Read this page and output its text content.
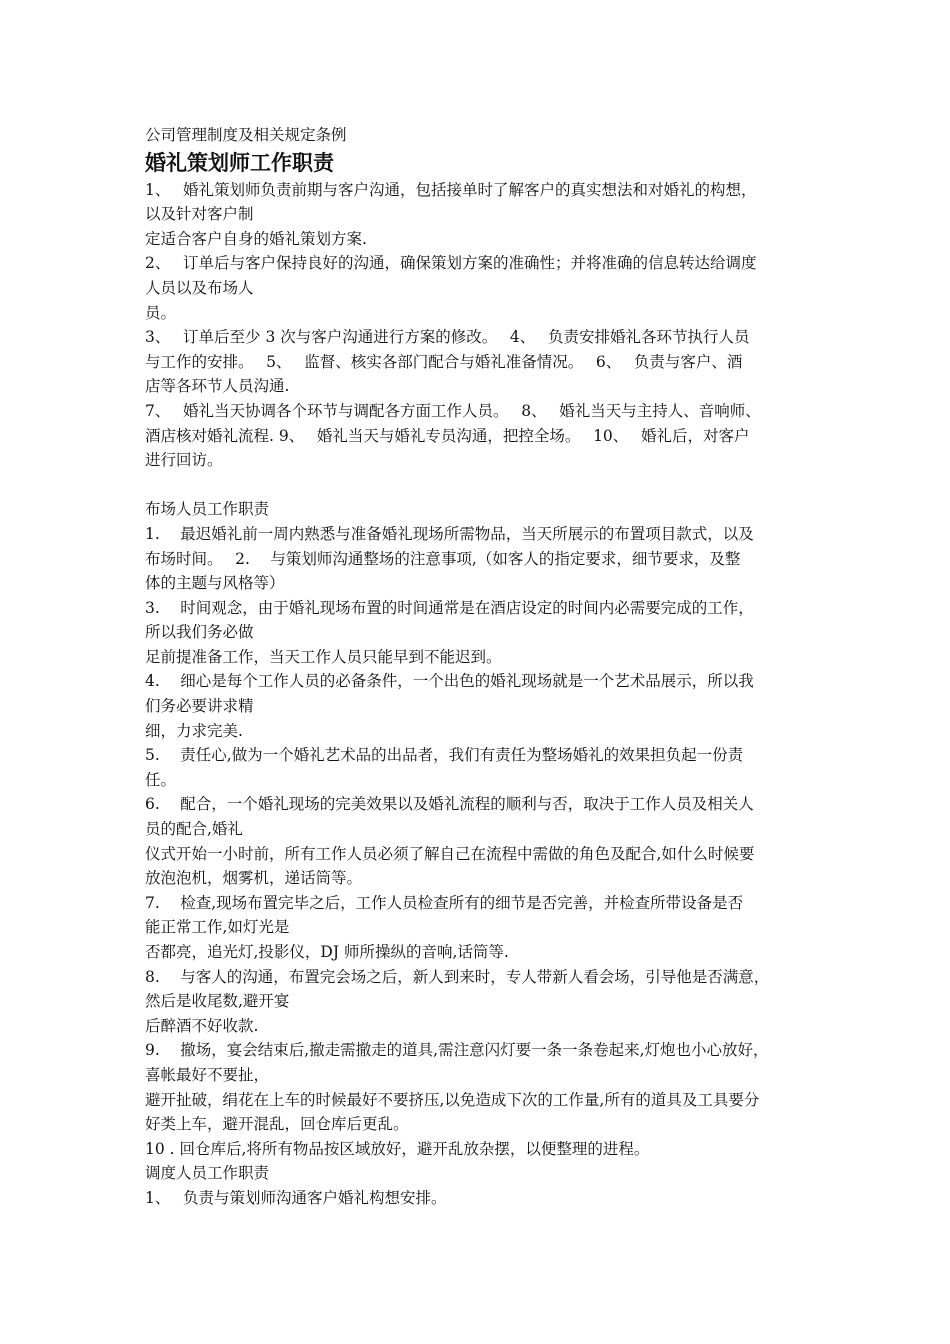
公司管理制度及相关规定条例
婚礼策划师工作职责
1、　 婚礼策划师负责前期与客户沟通，包括接单时了解客户的真实想法和对婚礼的构想，
以及针对客户制
定适合客户自身的婚礼策划方案.
2、　 订单后与客户保持良好的沟通，确保策划方案的准确性；并将准确的信息转达给调度
人员以及布场人
员。
3、　 订单后至少 3 次与客户沟通进行方案的修改。　 4、　 负责安排婚礼各环节执行人员
与工作的安排。　 5、　 监督、核实各部门配合与婚礼准备情况。　 6、　 负责与客户、酒
店等各环节人员沟通.
7、　 婚礼当天协调各个环节与调配各方面工作人员。　 8、　 婚礼当天与主持人、音响师、
酒店核对婚礼流程. 9、　 婚礼当天与婚礼专员沟通，把控全场。　 10、　 婚礼后，对客户
进行回访。
布场人员工作职责
1.　 最迟婚礼前一周内熟悉与准备婚礼现场所需物品，当天所展示的布置项目款式，以及
布场时间。　 2.　 与策划师沟通整场的注意事项,（如客人的指定要求，细节要求，及整
体的主题与风格等）
3.　 时间观念，由于婚礼现场布置的时间通常是在酒店设定的时间内必需要完成的工作，
所以我们务必做
足前提准备工作，当天工作人员只能早到不能迟到。
4.　 细心是每个工作人员的必备条件，一个出色的婚礼现场就是一个艺术品展示，所以我
们务必要讲求精
细，力求完美.
5.　 责任心,做为一个婚礼艺术品的出品者，我们有责任为整场婚礼的效果担负起一份责
任。
6.　 配合，一个婚礼现场的完美效果以及婚礼流程的顺利与否，取决于工作人员及相关人
员的配合,婚礼
仪式开始一小时前，所有工作人员必须了解自己在流程中需做的角色及配合,如什么时候要
放泡泡机，烟雾机，递话筒等。
7.　 检查,现场布置完毕之后，工作人员检查所有的细节是否完善，并检查所带设备是否
能正常工作,如灯光是
否都亮，追光灯,投影仪，DJ 师所操纵的音响,话筒等.
8.　 与客人的沟通，布置完会场之后，新人到来时，专人带新人看会场，引导他是否满意，
然后是收尾数,避开宴
后醉酒不好收款.
9.　 撤场，宴会结束后,撤走需撤走的道具,需注意闪灯要一条一条卷起来,灯炮也小心放好，
喜帐最好不要扯，
避开扯破，绢花在上车的时候最好不要挤压,以免造成下次的工作量,所有的道具及工具要分
好类上车，避开混乱，回仓库后更乱。
10 . 回仓库后,将所有物品按区域放好，避开乱放杂摆，以便整理的进程。
调度人员工作职责
1、　 负责与策划师沟通客户婚礼构想安排。
